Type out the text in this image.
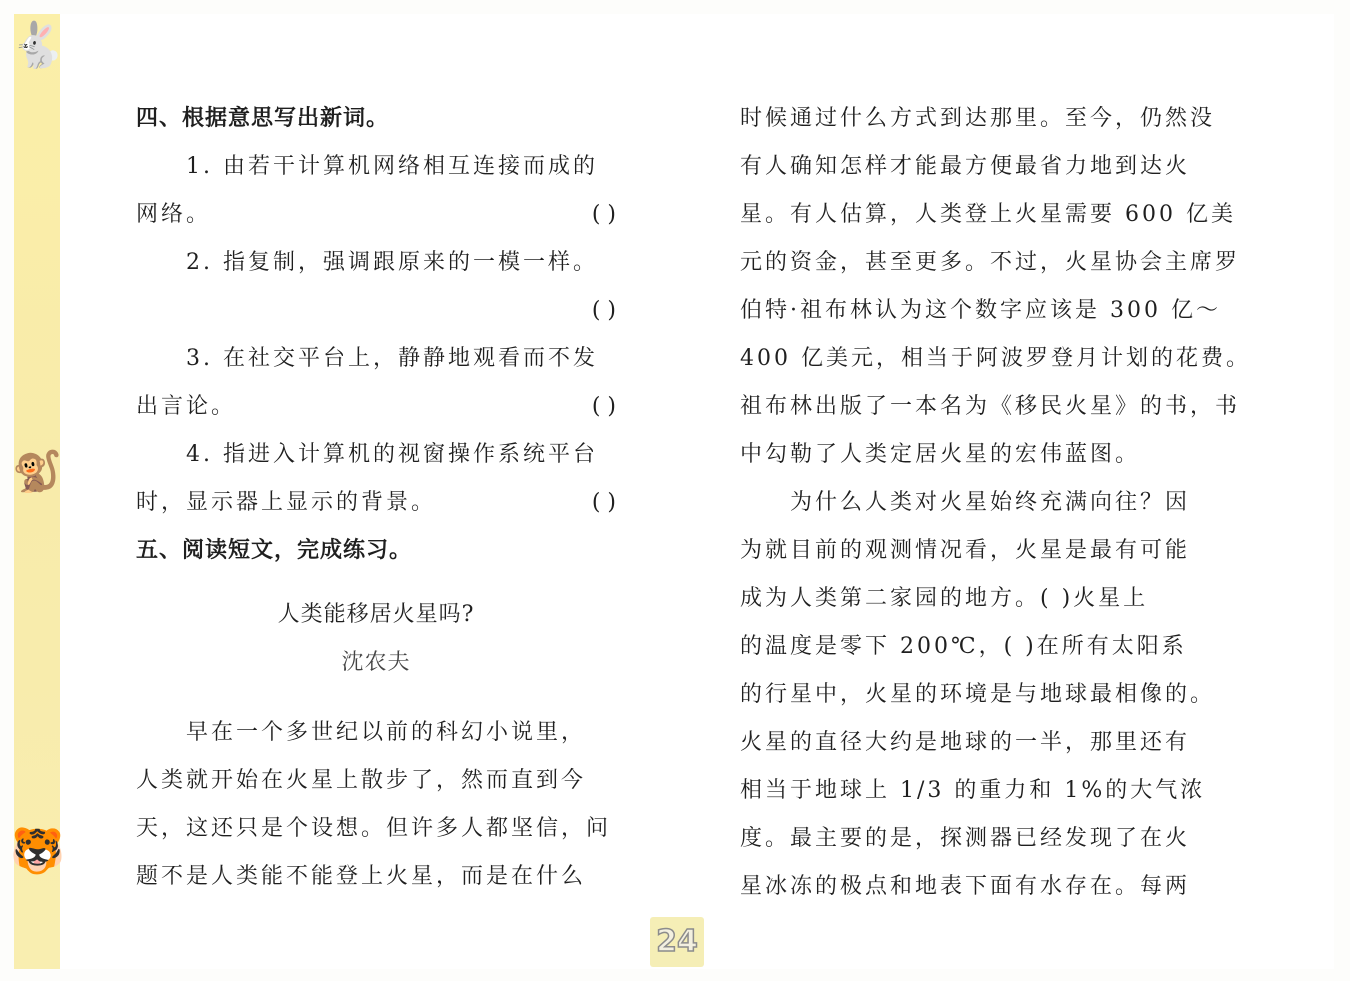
🐇
🐒
🐯
四、根据意思写出新词。
1. 由若干计算机网络相互连接而成的
网络。	( )
2. 指复制，强调跟原来的一模一样。
( )
3. 在社交平台上，静静地观看而不发
出言论。	( )
4. 指进入计算机的视窗操作系统平台
时，显示器上显示的背景。	( )
五、阅读短文，完成练习。
人类能移居火星吗?
沈农夫
早在一个多世纪以前的科幻小说里，
人类就开始在火星上散步了，然而直到今
天，这还只是个设想。但许多人都坚信，问
题不是人类能不能登上火星，而是在什么
时候通过什么方式到达那里。至今，仍然没
有人确知怎样才能最方便最省力地到达火
星。有人估算，人类登上火星需要 600 亿美
元的资金，甚至更多。不过，火星协会主席罗
伯特·祖布林认为这个数字应该是 300 亿～
400 亿美元，相当于阿波罗登月计划的花费。
祖布林出版了一本名为《移民火星》的书，书
中勾勒了人类定居火星的宏伟蓝图。
为什么人类对火星始终充满向往？因
为就目前的观测情况看，火星是最有可能
成为人类第二家园的地方。( )火星上
的温度是零下 200℃，( )在所有太阳系
的行星中，火星的环境是与地球最相像的。
火星的直径大约是地球的一半，那里还有
相当于地球上 1/3 的重力和 1%的大气浓
度。最主要的是，探测器已经发现了在火
星冰冻的极点和地表下面有水存在。每两
24
